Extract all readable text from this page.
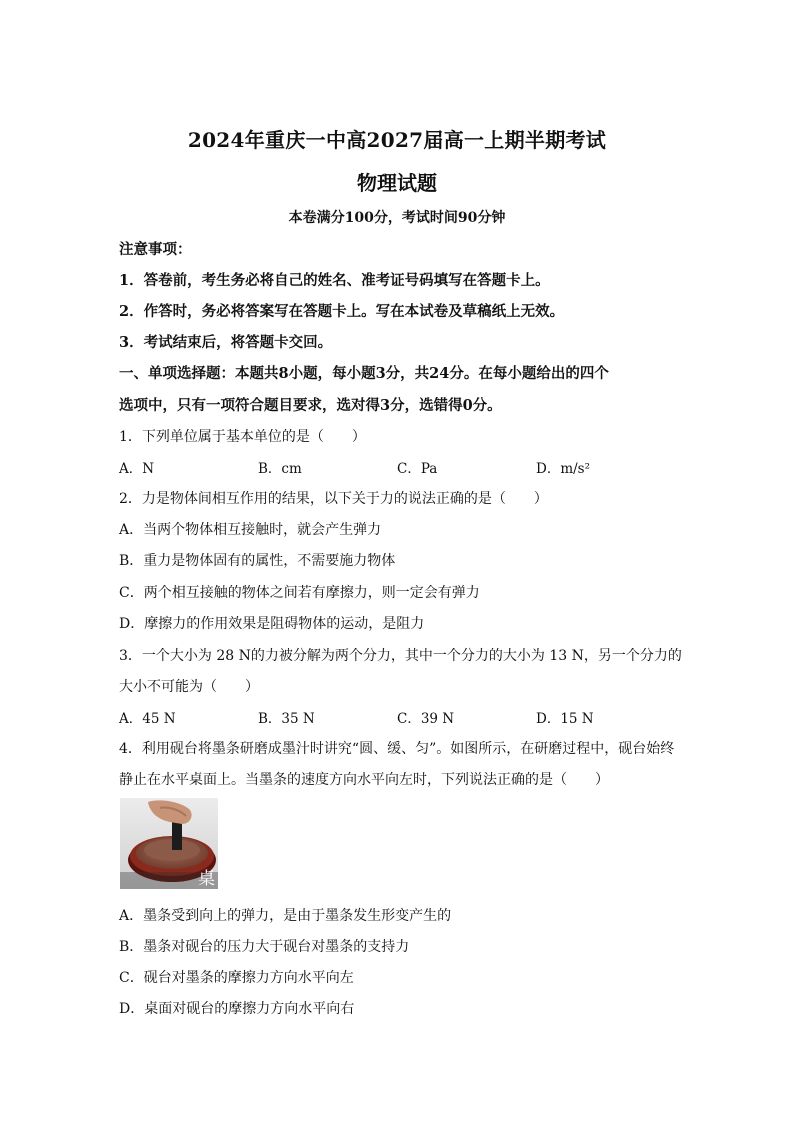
2024年重庆一中高2027届高一上期半期考试
物理试题
本卷满分100分，考试时间90分钟
注意事项：
1．答卷前，考生务必将自己的姓名、准考证号码填写在答题卡上。
2．作答时，务必将答案写在答题卡上。写在本试卷及草稿纸上无效。
3．考试结束后，将答题卡交回。
一、单项选择题：本题共8小题，每小题3分，共24分。在每小题给出的四个
选项中，只有一项符合题目要求，选对得3分，选错得0分。
1．下列单位属于基本单位的是（　　）
A．N	B．cm	C．Pa	D．m/s²
2．力是物体间相互作用的结果，以下关于力的说法正确的是（　　）
A．当两个物体相互接触时，就会产生弹力
B．重力是物体固有的属性，不需要施力物体
C．两个相互接触的物体之间若有摩擦力，则一定会有弹力
D．摩擦力的作用效果是阻碍物体的运动，是阻力
3．一个大小为 28 N的力被分解为两个分力，其中一个分力的大小为 13 N，另一个分力的
大小不可能为（　　）
A．45 N	B．35 N	C．39 N	D．15 N
4．利用砚台将墨条研磨成墨汁时讲究“圆、缓、匀”。如图所示，在研磨过程中，砚台始终
静止在水平桌面上。当墨条的速度方向水平向左时，下列说法正确的是（　　）
桌
A．墨条受到向上的弹力，是由于墨条发生形变产生的
B．墨条对砚台的压力大于砚台对墨条的支持力
C．砚台对墨条的摩擦力方向水平向左
D．桌面对砚台的摩擦力方向水平向右
